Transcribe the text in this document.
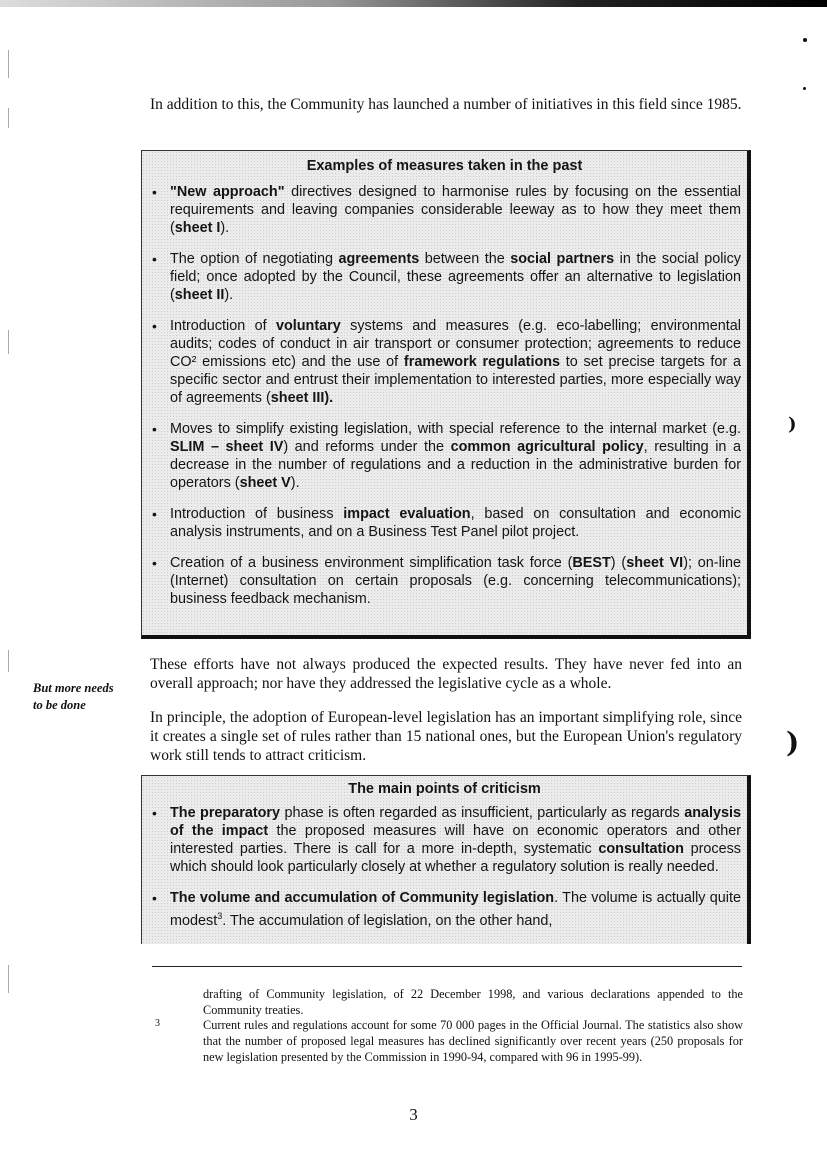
)
)
In addition to this, the Community has launched a number of initiatives in this field since 1985.
Examples of measures taken in the past
• "New approach" directives designed to harmonise rules by focusing on the essential requirements and leaving companies considerable leeway as to how they meet them (sheet I).
• The option of negotiating agreements between the social partners in the social policy field; once adopted by the Council, these agreements offer an alternative to legislation (sheet II).
• Introduction of voluntary systems and measures (e.g. eco-labelling; environmental audits; codes of conduct in air transport or consumer protection; agreements to reduce CO² emissions etc) and the use of framework regulations to set precise targets for a specific sector and entrust their implementation to interested parties, more especially way of agreements (sheet III).
• Moves to simplify existing legislation, with special reference to the internal market (e.g. SLIM – sheet IV) and reforms under the common agricultural policy, resulting in a decrease in the number of regulations and a reduction in the administrative burden for operators (sheet V).
• Introduction of business impact evaluation, based on consultation and economic analysis instruments, and on a Business Test Panel pilot project.
• Creation of a business environment simplification task force (BEST) (sheet VI); on-line (Internet) consultation on certain proposals (e.g. concerning telecommunications); business feedback mechanism.
These efforts have not always produced the expected results. They have never fed into an overall approach; nor have they addressed the legislative cycle as a whole.
But more needs to be done
In principle, the adoption of European-level legislation has an important simplifying role, since it creates a single set of rules rather than 15 national ones, but the European Union's regulatory work still tends to attract criticism.
The main points of criticism
• The preparatory phase is often regarded as insufficient, particularly as regards analysis of the impact the proposed measures will have on economic operators and other interested parties. There is call for a more in-depth, systematic consultation process which should look particularly closely at whether a regulatory solution is really needed.
• The volume and accumulation of Community legislation. The volume is actually quite modest$^3$. The accumulation of legislation, on the other hand,
drafting of Community legislation, of 22 December 1998, and various declarations appended to the Community treaties.
3	Current rules and regulations account for some 70 000 pages in the Official Journal. The statistics also show that the number of proposed legal measures has declined significantly over recent years (250 proposals for new legislation presented by the Commission in 1990-94, compared with 96 in 1995-99).
3
